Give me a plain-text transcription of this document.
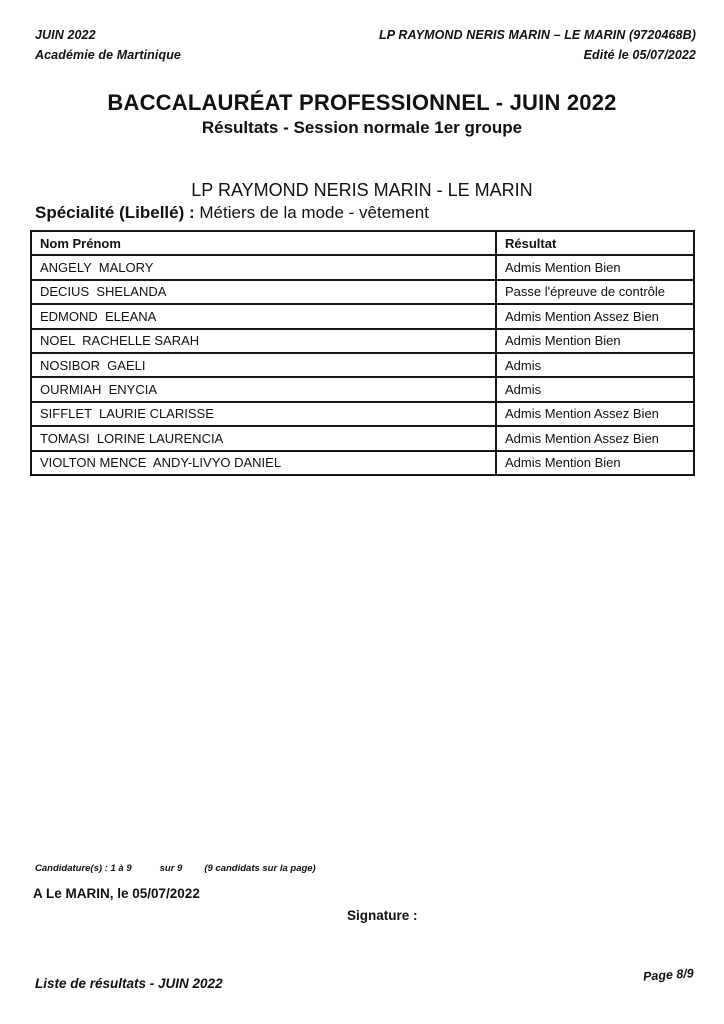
JUIN 2022
Académie de Martinique
LP RAYMOND NERIS MARIN – LE MARIN (9720468B)
Edité le 05/07/2022
BACCALAURÉAT PROFESSIONNEL - JUIN 2022
Résultats - Session normale 1er groupe
LP RAYMOND NERIS MARIN - LE MARIN
Spécialité (Libellé) : Métiers de la mode - vêtement
Nom Prénom	Résultat
ANGELY  MALORY	Admis Mention Bien
DECIUS  SHELANDA	Passe l'épreuve de contrôle
EDMOND  ELEANA	Admis Mention Assez Bien
NOEL  RACHELLE SARAH	Admis Mention Bien
NOSIBOR  GAELI	Admis
OURMIAH  ENYCIA	Admis
SIFFLET  LAURIE CLARISSE	Admis Mention Assez Bien
TOMASI  LORINE LAURENCIA	Admis Mention Assez Bien
VIOLTON MENCE  ANDY-LIVYO DANIEL	Admis Mention Bien
Candidature(s) : 1 à 9	sur 9 (9 candidats sur la page)
A Le MARIN, le 05/07/2022
Signature :
Liste de résultats - JUIN 2022	Page 8/9
